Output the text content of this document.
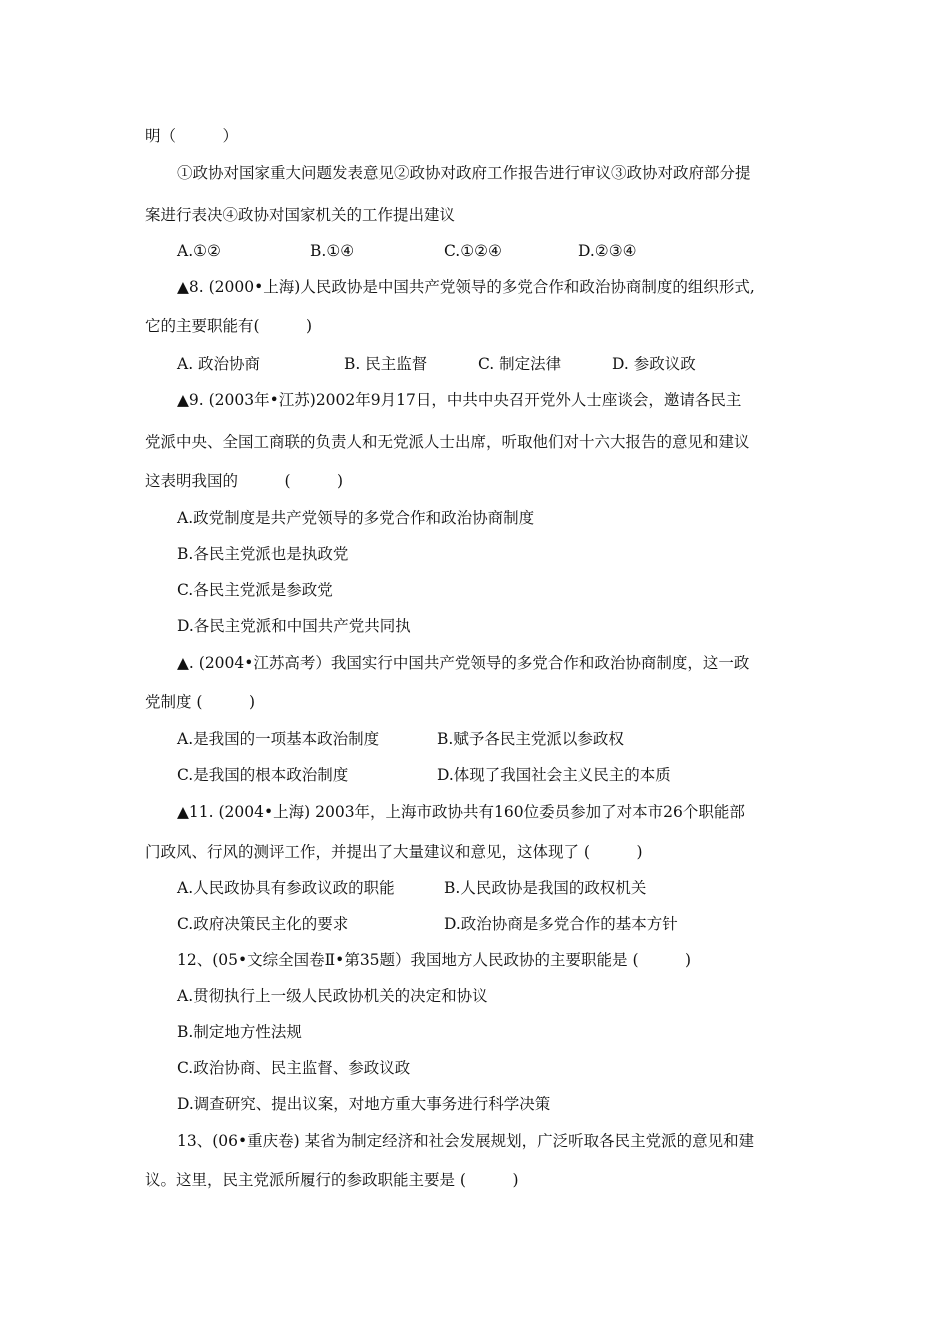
明（　　　）
①政协对国家重大问题发表意见②政协对政府工作报告进行审议③政协对政府部分提
案进行表决④政协对国家机关的工作提出建议
A.①②	B.①④	C.①②④	D.②③④
▲8. (2000•上海)人民政协是中国共产党领导的多党合作和政治协商制度的组织形式,
它的主要职能有(　　　)
A. 政治协商	B. 民主监督	C. 制定法律	D. 参政议政
▲9. (2003年•江苏)2002年9月17日，中共中央召开党外人士座谈会，邀请各民主
党派中央、全国工商联的负责人和无党派人士出席，听取他们对十六大报告的意见和建议
这表明我国的　　　(　　　)
A.政党制度是共产党领导的多党合作和政治协商制度
B.各民主党派也是执政党
C.各民主党派是参政党
D.各民主党派和中国共产党共同执
▲. (2004•江苏高考）我国实行中国共产党领导的多党合作和政治协商制度，这一政
党制度 (　　　)
A.是我国的一项基本政治制度	B.赋予各民主党派以参政权
C.是我国的根本政治制度	D.体现了我国社会主义民主的本质
▲11. (2004•上海) 2003年，上海市政协共有160位委员参加了对本市26个职能部
门政风、行风的测评工作，并提出了大量建议和意见，这体现了 (　　　)
A.人民政协具有参政议政的职能	B.人民政协是我国的政权机关
C.政府决策民主化的要求	D.政治协商是多党合作的基本方针
12、(05•文综全国卷Ⅱ•第35题）我国地方人民政协的主要职能是 (　　　)
A.贯彻执行上一级人民政协机关的决定和协议
B.制定地方性法规
C.政治协商、民主监督、参政议政
D.调查研究、提出议案，对地方重大事务进行科学决策
13、(06•重庆卷) 某省为制定经济和社会发展规划，广泛听取各民主党派的意见和建
议。这里，民主党派所履行的参政职能主要是 (　　　)
